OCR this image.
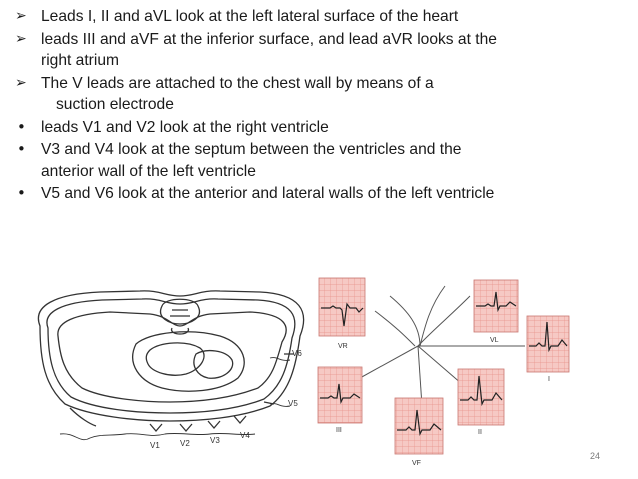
➢ Leads I, II and aVL look at the left lateral surface of the heart
➢ leads III and aVF at the inferior surface, and lead aVR looks at the
right atrium
➢ The V leads are attached to the chest wall by means of a
suction electrode
• leads V1 and V2 look at the right ventricle
• V3 and V4 look at the septum between the ventricles and the
anterior wall of the left ventricle
• V5 and V6 look at the anterior and lateral walls of the left ventricle
V1	V2	V3
V4
V5
V6
VR
VL
I
III
VF
II
24
